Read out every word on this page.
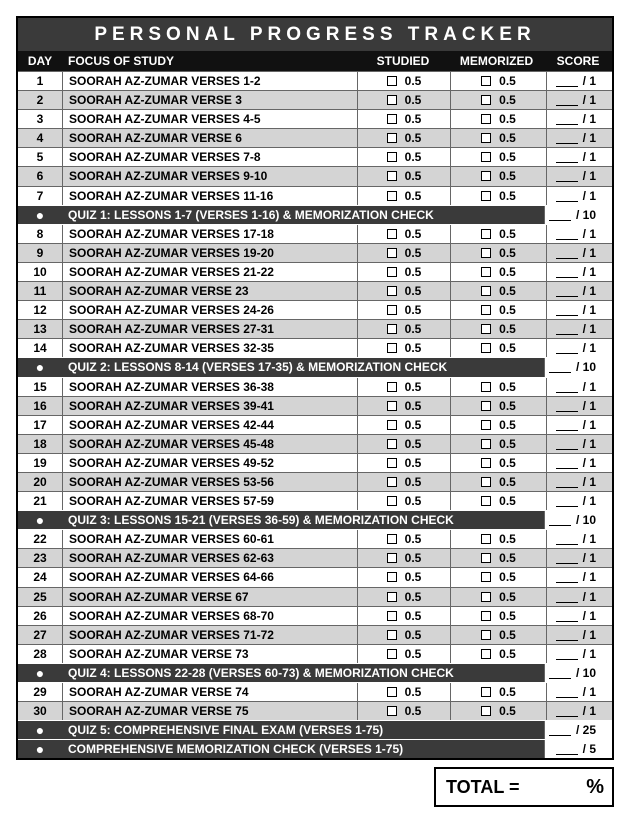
PERSONAL PROGRESS TRACKER
DAY	FOCUS OF STUDY	STUDIED	MEMORIZED	SCORE
1	SOORAH AZ-ZUMAR VERSES 1-2	0.5	0.5	/ 1
2	SOORAH AZ-ZUMAR VERSE 3	0.5	0.5	/ 1
3	SOORAH AZ-ZUMAR VERSES 4-5	0.5	0.5	/ 1
4	SOORAH AZ-ZUMAR VERSE 6	0.5	0.5	/ 1
5	SOORAH AZ-ZUMAR VERSES 7-8	0.5	0.5	/ 1
6	SOORAH AZ-ZUMAR VERSES 9-10	0.5	0.5	/ 1
7	SOORAH AZ-ZUMAR VERSES 11-16	0.5	0.5	/ 1
●	QUIZ 1: LESSONS 1-7 (VERSES 1-16) & MEMORIZATION CHECK	/ 10
8	SOORAH AZ-ZUMAR VERSES 17-18	0.5	0.5	/ 1
9	SOORAH AZ-ZUMAR VERSES 19-20	0.5	0.5	/ 1
10	SOORAH AZ-ZUMAR VERSES 21-22	0.5	0.5	/ 1
11	SOORAH AZ-ZUMAR VERSE 23	0.5	0.5	/ 1
12	SOORAH AZ-ZUMAR VERSES 24-26	0.5	0.5	/ 1
13	SOORAH AZ-ZUMAR VERSES 27-31	0.5	0.5	/ 1
14	SOORAH AZ-ZUMAR VERSES 32-35	0.5	0.5	/ 1
●	QUIZ 2: LESSONS 8-14 (VERSES 17-35) & MEMORIZATION CHECK	/ 10
15	SOORAH AZ-ZUMAR VERSES 36-38	0.5	0.5	/ 1
16	SOORAH AZ-ZUMAR VERSES 39-41	0.5	0.5	/ 1
17	SOORAH AZ-ZUMAR VERSES 42-44	0.5	0.5	/ 1
18	SOORAH AZ-ZUMAR VERSES 45-48	0.5	0.5	/ 1
19	SOORAH AZ-ZUMAR VERSES 49-52	0.5	0.5	/ 1
20	SOORAH AZ-ZUMAR VERSES 53-56	0.5	0.5	/ 1
21	SOORAH AZ-ZUMAR VERSES 57-59	0.5	0.5	/ 1
●	QUIZ 3: LESSONS 15-21 (VERSES 36-59) & MEMORIZATION CHECK	/ 10
22	SOORAH AZ-ZUMAR VERSES 60-61	0.5	0.5	/ 1
23	SOORAH AZ-ZUMAR VERSES 62-63	0.5	0.5	/ 1
24	SOORAH AZ-ZUMAR VERSES 64-66	0.5	0.5	/ 1
25	SOORAH AZ-ZUMAR VERSE 67	0.5	0.5	/ 1
26	SOORAH AZ-ZUMAR VERSES 68-70	0.5	0.5	/ 1
27	SOORAH AZ-ZUMAR VERSES 71-72	0.5	0.5	/ 1
28	SOORAH AZ-ZUMAR VERSE 73	0.5	0.5	/ 1
●	QUIZ 4: LESSONS 22-28 (VERSES 60-73) & MEMORIZATION CHECK	/ 10
29	SOORAH AZ-ZUMAR VERSE 74	0.5	0.5	/ 1
30	SOORAH AZ-ZUMAR VERSE 75	0.5	0.5	/ 1
●	QUIZ 5: COMPREHENSIVE FINAL EXAM (VERSES 1-75)	/ 25
●	COMPREHENSIVE MEMORIZATION CHECK (VERSES 1-75)	/ 5
TOTAL =	%
